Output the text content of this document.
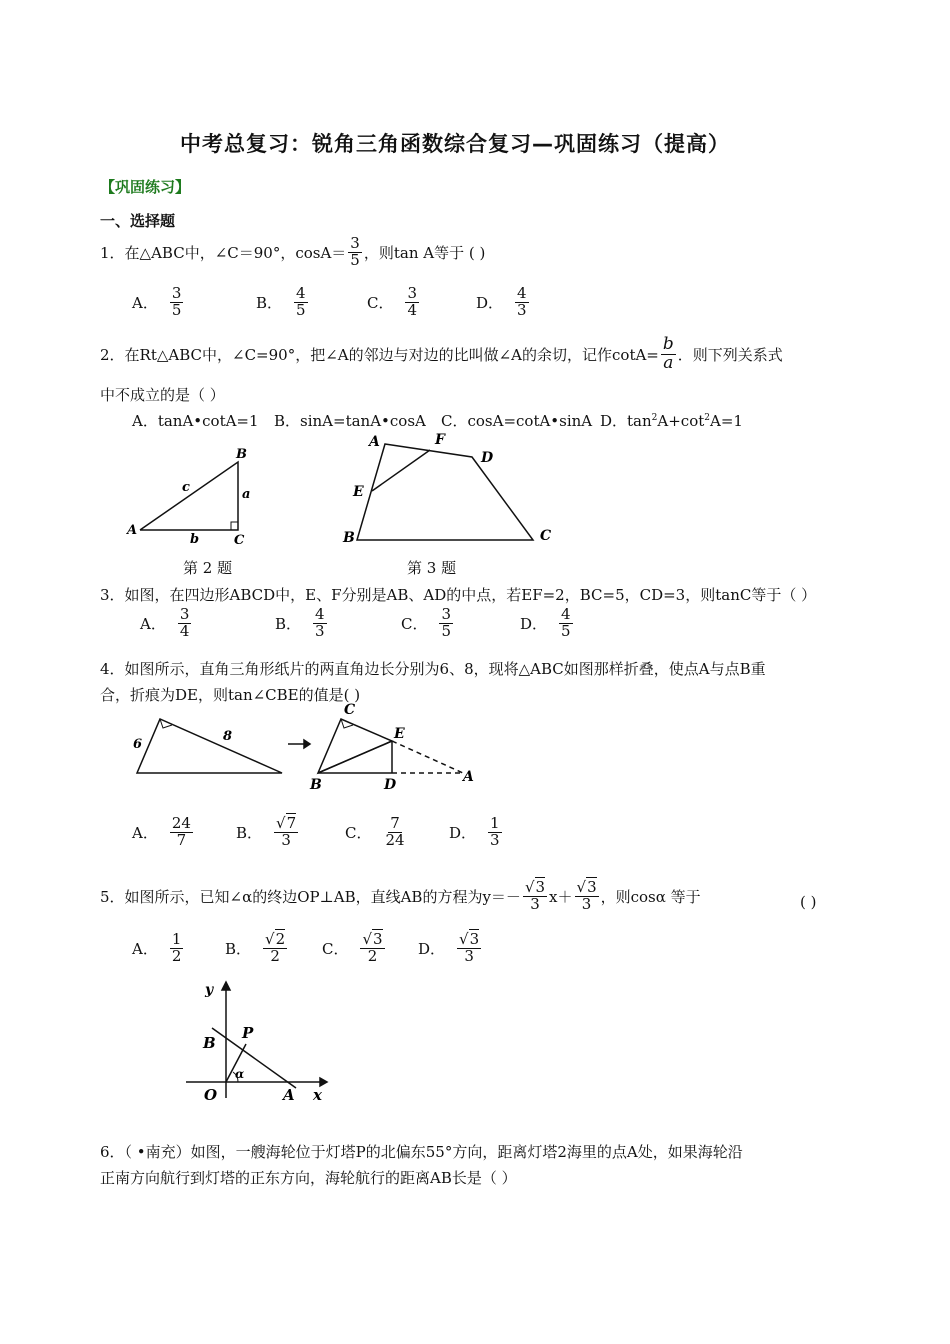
中考总复习：锐角三角函数综合复习—巩固练习（提高）
【巩固练习】
一、选择题
1．在△ABC中，∠C＝90°，$\cos A= \frac{3}{5}$ ，则tan A等于 ( )
A． $\frac{3}{5}$	B． $\frac{4}{5}$	C． $\frac{3}{4}$	D． $\frac{4}{3}$
2．在Rt△ABC中，∠C=90°，把∠A的邻边与对边的比叫做∠A的余切，记作$\cot A= \frac{b}{a}$ ．则下列关系式
中不成立的是（ ）
A．tanA•cotA=1 B．sinA=tanA•cosA C．cosA=cotA•sinA D．$\tan^2A+\cot^2A=1$
B
A
C
c	a
b
A	F
D
E
B	C
第 2 题	第 3 题
3．如图，在四边形ABCD中，E、F分别是AB、AD的中点，若EF=2，BC=5，CD=3，则tanC等于（ ）
A． $\frac{3}{4}$	B． $\frac{4}{3}$	C． $\frac{3}{5}$	D． $\frac{4}{5}$
4．如图所示，直角三角形纸片的两直角边长分别为6、8，现将△ABC如图那样折叠，使点A与点B重
合，折痕为DE，则tan∠CBE的值是( )
6
8
C
E
B	D	A
A． $\frac{24}{7}$	B． $\frac{√7}{3}$	C． $\frac{7}{24}$	D． $\frac{1}{3}$
5．如图所示，已知∠α的终边OP⊥AB，直线AB的方程为$y=- \frac{√3}{3} x+ \frac{√3}{3}$ ，则cosα 等于	( )
A． $\frac{1}{2}$	B． $\frac{√2}{2}$ C． $\frac{√3}{2}$ D． $\frac{√3}{3}$
y
x
O	A
B
P
α
6．（ •南充）如图，一艘海轮位于灯塔P的北偏东55°方向，距离灯塔2海里的点A处，如果海轮沿
正南方向航行到灯塔的正东方向，海轮航行的距离AB长是（ ）
